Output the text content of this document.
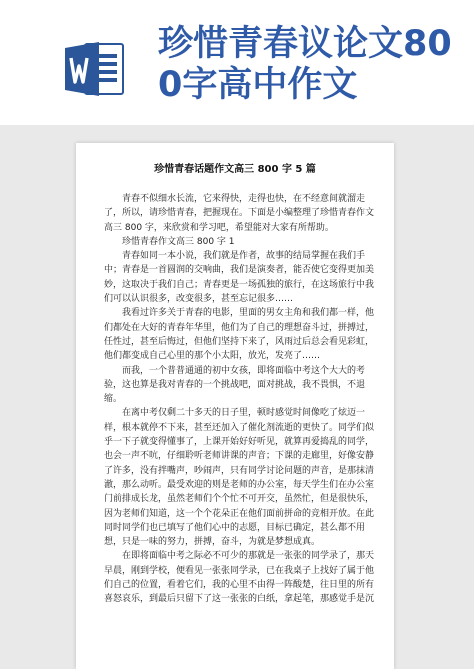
珍惜青春议论文800字高中作文
珍惜青春话题作文高三 800 字 5 篇

青春不似细水长流，它来得快，走得也快，在不经意间就溜走了，所以，请珍惜青春，把握现在。下面是小编整理了珍惜青春作文高三 800 字，来欣赏和学习吧，希望能对大家有所帮助。

珍惜青春作文高三 800 字 1

青春如同一本小说，我们就是作者，故事的结局掌握在我们手中；青春是一首圆润的交响曲，我们是演奏者，能否使它变得更加美妙，这取决于我们自己；青春更是一场孤独的旅行，在这场旅行中我们可以认识很多，改变很多，甚至忘记很多……

我看过许多关于青春的电影，里面的男女主角和我们都一样，他们都处在大好的青春年华里，他们为了自己的理想奋斗过，拼搏过，任性过，甚至后悔过，但他们坚持下来了，风雨过后总会看见彩虹，他们都变成自己心里的那个小太阳，放光，发亮了……

而我，一个普普通通的初中女孩，即将面临中考这个大大的考验，这也算是我对青春的一个挑战吧，面对挑战，我不畏惧，不退缩。

在离中考仅剩二十多天的日子里，顿时感觉时间像吃了炫迈一样，根本就停不下来，甚至还加入了催化剂流逝的更快了。同学们似乎一下子就变得懂事了，上课开始好好听见，就算再爱捣乱的同学，也会一声不吭，仔细聆听老师讲课的声音；下课的走廊里，好像安静了许多，没有拌嘴声，吵闹声，只有同学讨论问题的声音，是那抹清澈，那么动听。最受欢迎的则是老师的办公室，每天学生们在办公室门前排成长龙，虽然老师们个个忙不可开交，虽然忙，但是很快乐，因为老师们知道，这一个个花朵正在他们面前拼命的竞相开放。在此同时同学们也已填写了他们心中的志愿，目标已确定，甚么都不用想，只是一味的努力，拼搏，奋斗，为就是梦想成真。

在即将面临中考之际必不可少的那就是一张张的同学录了，那天早晨，刚到学校，便看见一张张同学录，已在我桌子上找好了属于他们自己的位置，看着它们，我的心里不由得一阵酸楚，往日里的所有喜怒哀乐，到最后只留下了这一张张的白纸，拿起笔，那感觉手是沉
